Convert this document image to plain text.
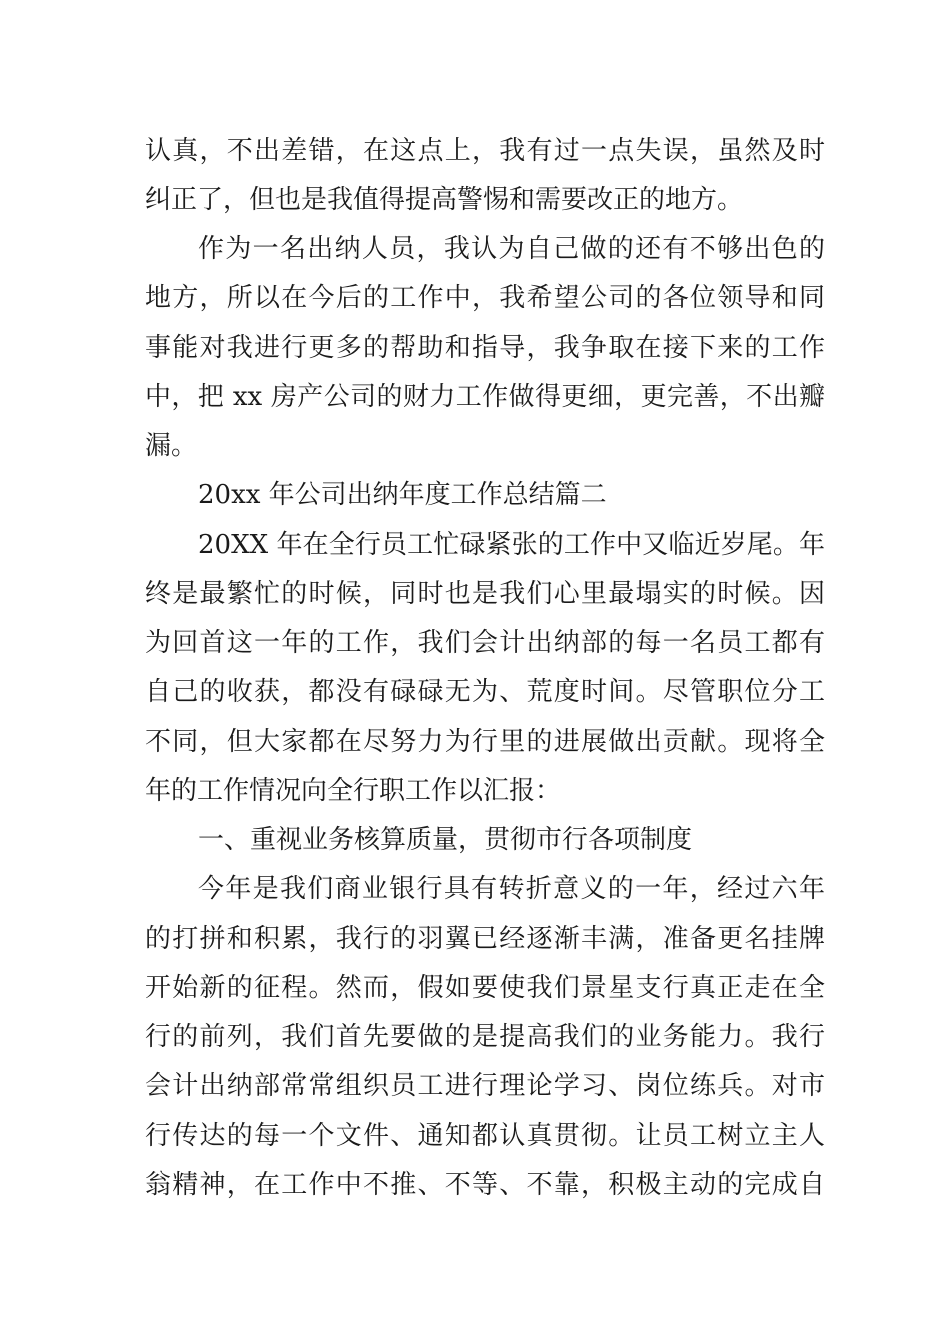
认真，不出差错，在这点上，我有过一点失误，虽然及时
纠正了，但也是我值得提高警惕和需要改正的地方。
作为一名出纳人员，我认为自己做的还有不够出色的
地方，所以在今后的工作中，我希望公司的各位领导和同
事能对我进行更多的帮助和指导，我争取在接下来的工作
中，把 xx 房产公司的财力工作做得更细，更完善，不出瓣
漏。
20xx 年公司出纳年度工作总结篇二
20XX 年在全行员工忙碌紧张的工作中又临近岁尾。年
终是最繁忙的时候，同时也是我们心里最塌实的时候。因
为回首这一年的工作，我们会计出纳部的每一名员工都有
自己的收获，都没有碌碌无为、荒度时间。尽管职位分工
不同，但大家都在尽努力为行里的进展做出贡献。现将全
年的工作情况向全行职工作以汇报：
一、重视业务核算质量，贯彻市行各项制度
今年是我们商业银行具有转折意义的一年，经过六年
的打拼和积累，我行的羽翼已经逐渐丰满，准备更名挂牌
开始新的征程。然而，假如要使我们景星支行真正走在全
行的前列，我们首先要做的是提高我们的业务能力。我行
会计出纳部常常组织员工进行理论学习、岗位练兵。对市
行传达的每一个文件、通知都认真贯彻。让员工树立主人
翁精神，在工作中不推、不等、不靠，积极主动的完成自
